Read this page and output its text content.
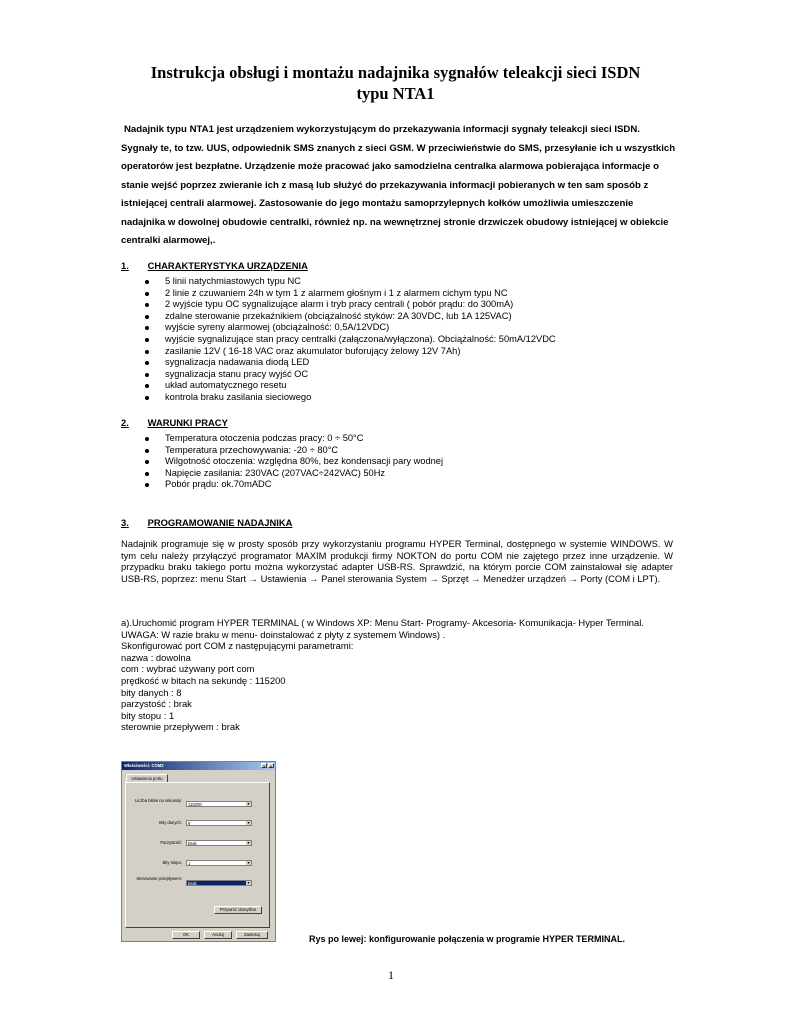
Instrukcja obsługi i montażu nadajnika sygnałów teleakcji sieci ISDN
typu NTA1
Nadajnik typu NTA1 jest urządzeniem wykorzystującym do przekazywania informacji sygnały teleakcji sieci ISDN. Sygnały te, to tzw. UUS, odpowiednik SMS znanych z sieci GSM. W przeciwieństwie do SMS, przesyłanie ich u wszystkich operatorów jest bezpłatne. Urządzenie może pracować jako samodzielna centralka alarmowa pobierająca informacje o stanie wejść poprzez zwieranie ich z masą lub służyć do przekazywania informacji pobieranych w ten sam sposób z istniejącej centrali alarmowej. Zastosowanie do jego montażu samoprzylepnych kołków umożliwia umieszczenie nadajnika w dowolnej obudowie centralki, również np. na wewnętrznej stronie drzwiczek obudowy istniejącej w obiekcie centralki alarmowej,.
1. CHARAKTERYSTYKA URZĄDZENIA
5 linii natychmiastowych typu NC
2 linie z czuwaniem 24h w tym 1 z alarmem głośnym i 1 z alarmem cichym typu NC
2 wyjście typu OC sygnalizujące alarm i tryb pracy centrali ( pobór prądu: do 300mA)
zdalne sterowanie przekaźnikiem (obciążalność styków: 2A 30VDC, lub 1A 125VAC)
wyjście syreny alarmowej (obciążalność: 0,5A/12VDC)
wyjście sygnalizujące stan pracy centralki (załączona/wyłączona). Obciążalność: 50mA/12VDC
zasilanie 12V ( 16-18 VAC oraz akumulator buforujący żelowy 12V 7Ah)
sygnalizacja nadawania diodą LED
sygnalizacja stanu pracy wyjść OC
układ automatycznego resetu
kontrola braku zasilania sieciowego
2. WARUNKI PRACY
Temperatura otoczenia podczas pracy: 0 ÷ 50°C
Temperatura przechowywania: -20 ÷ 80°C
Wilgotność otoczenia: względna 80%, bez kondensacji pary wodnej
Napięcie zasilania: 230VAC (207VAC÷242VAC) 50Hz
Pobór prądu: ok.70mADC
3. PROGRAMOWANIE NADAJNIKA
Nadajnik programuje się w prosty sposób przy wykorzystaniu programu HYPER Terminal, dostępnego w systemie WINDOWS. W tym celu należy przyłączyć programator MAXIM produkcji firmy NOKTON do portu COM nie zajętego przez inne urządzenie. W przypadku braku takiego portu można wykorzystać adapter USB-RS. Sprawdzić, na którym porcie COM zainstalował się adapter USB-RS, poprzez: menu Start → Ustawienia → Panel sterowania System → Sprzęt → Menedżer urządzeń → Porty (COM i LPT).
a).Uruchomić program HYPER TERMINAL ( w Windows XP: Menu Start- Programy- Akcesoria- Komunikacja- Hyper Terminal.
UWAGA: W razie braku w menu- doinstalować z płyty z systemem Windows) .
Skonfigurować port COM z następującymi parametrami:
nazwa : dowolna
com : wybrać używany port com
prędkość w bitach na sekundę : 115200
bity danych : 8
parzystość : brak
bity stopu : 1
sterownie przepływem : brak
Właściwości: COM2	?	×
Ustawienia portu
Liczba bitów na sekundę:
115200	▼
Bity danych:	8	▼
Parzystość:	Brak	▼
Bity stopu:	1	▼
Sterowanie przepływem:
Brak	▼
Przywróć domyślne
OK	Anuluj	Zastosuj	Rys po lewej: konfigurowanie połączenia w programie HYPER TERMINAL.
1
